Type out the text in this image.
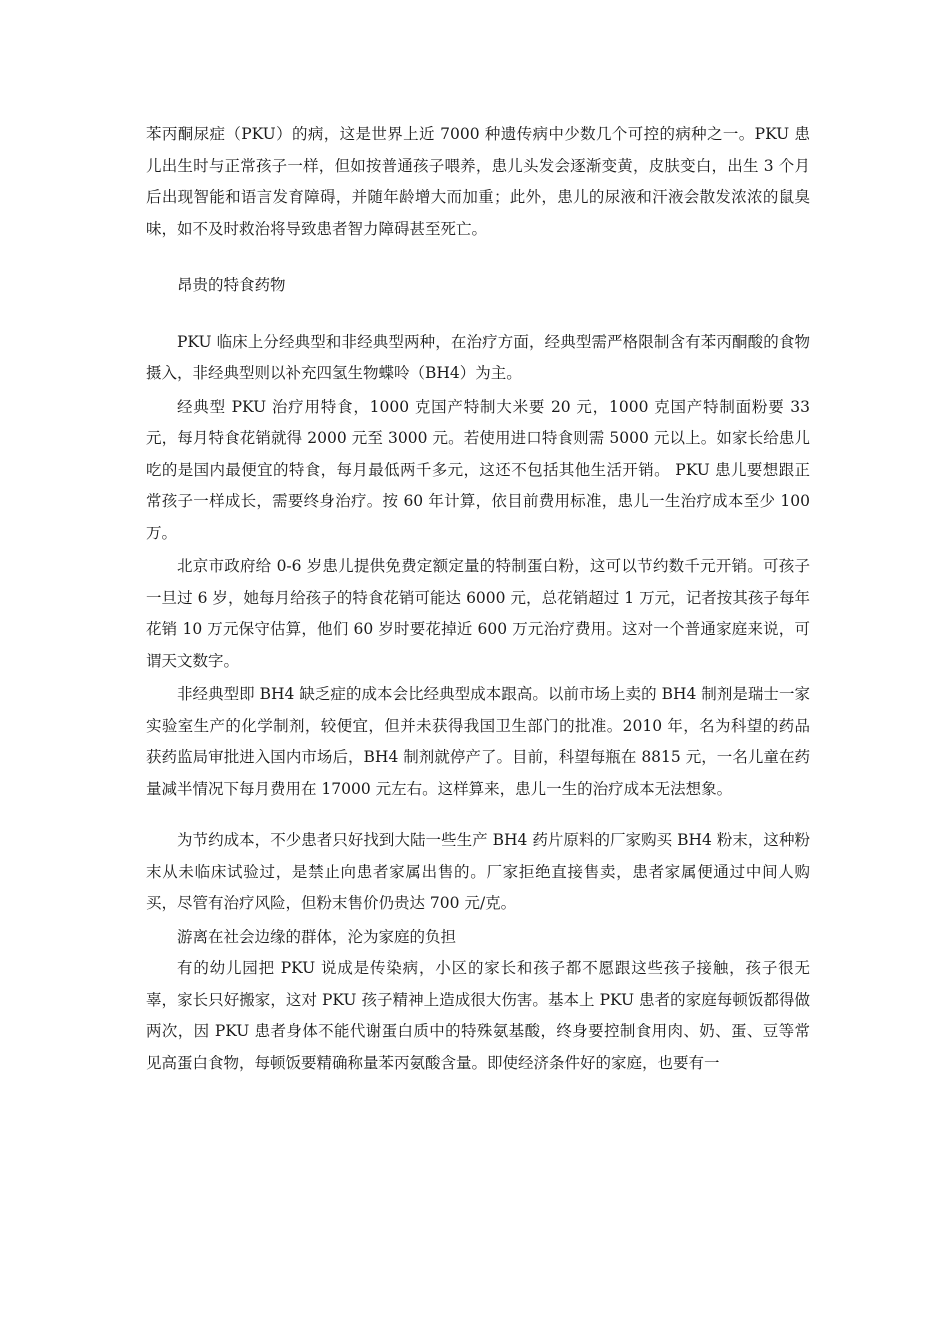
苯丙酮尿症（PKU）的病，这是世界上近 7000 种遗传病中少数几个可控的病种之一。PKU 患儿出生时与正常孩子一样，但如按普通孩子喂养，患儿头发会逐渐变黄，皮肤变白，出生 3 个月后出现智能和语言发育障碍，并随年龄增大而加重；此外，患儿的尿液和汗液会散发浓浓的鼠臭味，如不及时救治将导致患者智力障碍甚至死亡。

昂贵的特食药物

PKU 临床上分经典型和非经典型两种，在治疗方面，经典型需严格限制含有苯丙酮酸的食物摄入，非经典型则以补充四氢生物蝶呤（BH4）为主。

经典型 PKU 治疗用特食，1000 克国产特制大米要 20 元，1000 克国产特制面粉要 33 元，每月特食花销就得 2000 元至 3000 元。若使用进口特食则需 5000 元以上。如家长给患儿吃的是国内最便宜的特食，每月最低两千多元，这还不包括其他生活开销。 PKU 患儿要想跟正常孩子一样成长，需要终身治疗。按 60 年计算，依目前费用标准，患儿一生治疗成本至少 100 万。

北京市政府给 0-6 岁患儿提供免费定额定量的特制蛋白粉，这可以节约数千元开销。可孩子一旦过 6 岁，她每月给孩子的特食花销可能达 6000 元，总花销超过 1 万元，记者按其孩子每年花销 10 万元保守估算，他们 60 岁时要花掉近 600 万元治疗费用。这对一个普通家庭来说，可谓天文数字。

非经典型即 BH4 缺乏症的成本会比经典型成本跟高。以前市场上卖的 BH4 制剂是瑞士一家实验室生产的化学制剂，较便宜，但并未获得我国卫生部门的批准。2010 年，名为科望的药品获药监局审批进入国内市场后，BH4 制剂就停产了。目前，科望每瓶在 8815 元，一名儿童在药量减半情况下每月费用在 17000 元左右。这样算来，患儿一生的治疗成本无法想象。

为节约成本，不少患者只好找到大陆一些生产 BH4 药片原料的厂家购买 BH4 粉末，这种粉末从未临床试验过，是禁止向患者家属出售的。厂家拒绝直接售卖，患者家属便通过中间人购买，尽管有治疗风险，但粉末售价仍贵达 700 元/克。

游离在社会边缘的群体，沦为家庭的负担

有的幼儿园把 PKU 说成是传染病，小区的家长和孩子都不愿跟这些孩子接触，孩子很无辜，家长只好搬家，这对 PKU 孩子精神上造成很大伤害。基本上 PKU 患者的家庭每顿饭都得做两次，因 PKU 患者身体不能代谢蛋白质中的特殊氨基酸，终身要控制食用肉、奶、蛋、豆等常见高蛋白食物，每顿饭要精确称量苯丙氨酸含量。即使经济条件好的家庭，也要有一
